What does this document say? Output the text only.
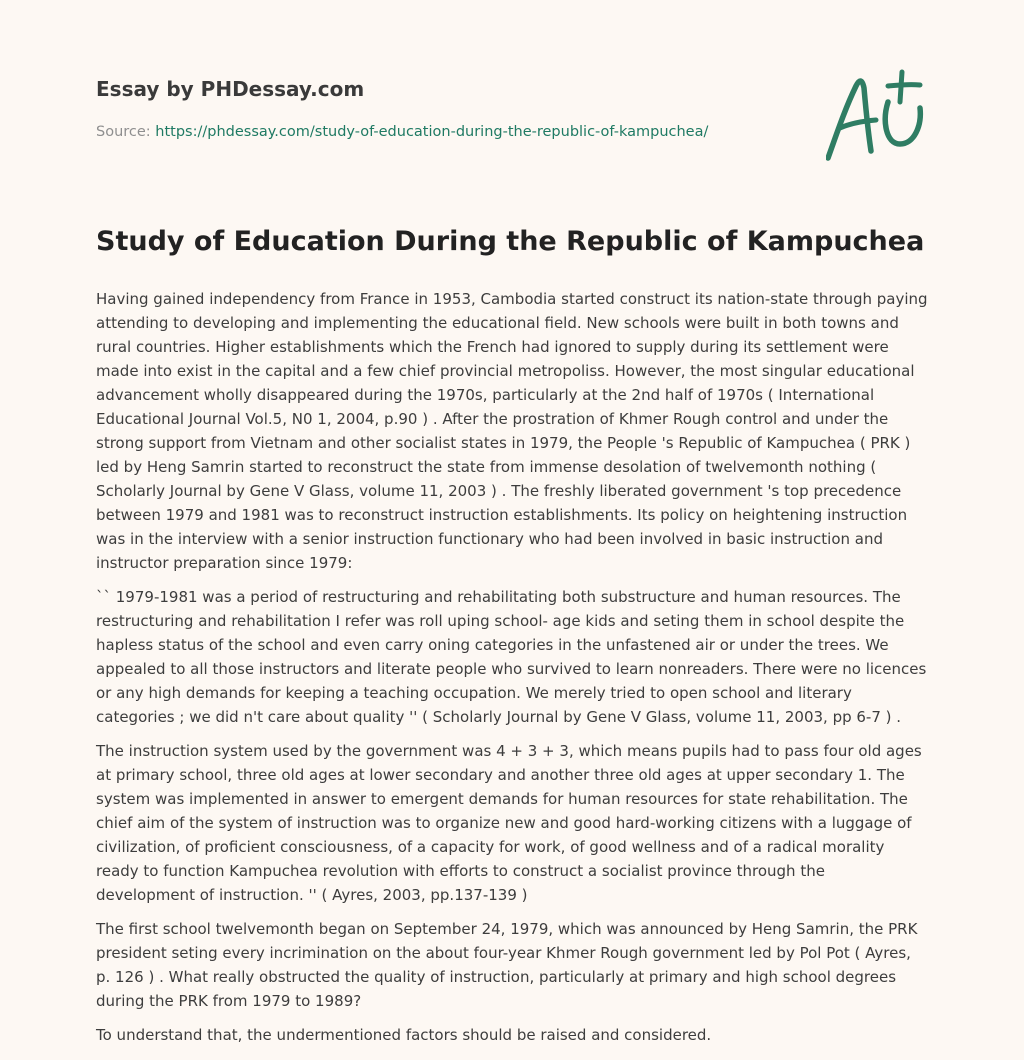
Essay by PHDessay.com
Source: https://phdessay.com/study-of-education-during-the-republic-of-kampuchea/
Study of Education During the Republic of Kampuchea

Having gained independency from France in 1953, Cambodia started construct its nation-state through paying attending to developing and implementing the educational field. New schools were built in both towns and rural countries. Higher establishments which the French had ignored to supply during its settlement were made into exist in the capital and a few chief provincial metropoliss. However, the most singular educational advancement wholly disappeared during the 1970s, particularly at the 2nd half of 1970s ( International Educational Journal Vol.5, N0 1, 2004, p.90 ) . After the prostration of Khmer Rough control and under the strong support from Vietnam and other socialist states in 1979, the People 's Republic of Kampuchea ( PRK ) led by Heng Samrin started to reconstruct the state from immense desolation of twelvemonth nothing ( Scholarly Journal by Gene V Glass, volume 11, 2003 ) . The freshly liberated government 's top precedence between 1979 and 1981 was to reconstruct instruction establishments. Its policy on heightening instruction was in the interview with a senior instruction functionary who had been involved in basic instruction and instructor preparation since 1979:

`` 1979-1981 was a period of restructuring and rehabilitating both substructure and human resources. The restructuring and rehabilitation I refer was roll uping school- age kids and seting them in school despite the hapless status of the school and even carry oning categories in the unfastened air or under the trees. We appealed to all those instructors and literate people who survived to learn nonreaders. There were no licences or any high demands for keeping a teaching occupation. We merely tried to open school and literary categories ; we did n't care about quality '' ( Scholarly Journal by Gene V Glass, volume 11, 2003, pp 6-7 ) .

The instruction system used by the government was 4 + 3 + 3, which means pupils had to pass four old ages at primary school, three old ages at lower secondary and another three old ages at upper secondary 1. The system was implemented in answer to emergent demands for human resources for state rehabilitation. The chief aim of the system of instruction was to organize new and good hard-working citizens with a luggage of civilization, of proficient consciousness, of a capacity for work, of good wellness and of a radical morality ready to function Kampuchea revolution with efforts to construct a socialist province through the development of instruction. '' ( Ayres, 2003, pp.137-139 )

The first school twelvemonth began on September 24, 1979, which was announced by Heng Samrin, the PRK president seting every incrimination on the about four-year Khmer Rough government led by Pol Pot ( Ayres, p. 126 ) . What really obstructed the quality of instruction, particularly at primary and high school degrees during the PRK from 1979 to 1989?

To understand that, the undermentioned factors should be raised and considered.
